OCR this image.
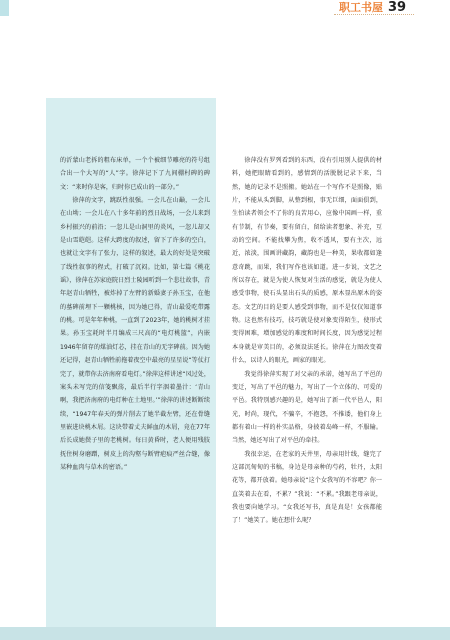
职工书屋 39

的沂蒙山老拆的粗布床单，一个个被细节雕亮的符号组合出一个大写的“人”字。徐萍记下了九间棚村碑的碑文：“来时你是客，归时你已成山的一部分。”

徐萍的文字，跳跃性很强。一会儿在山巅，一会儿在山坳；一会儿在八十多年前的烈日战场，一会儿来到乡村振兴的前沿；一忽儿是山洞里的炎风，一忽儿却又是山雪皑皑。这样大跨度的叙述，留下了许多的空白，也就让文字有了张力，这样的叙述，最大的好处是突破了线性叙事的程式，打破了沉闷。比如，第七篇《桃花谣》，徐萍在苏家庭院日烈士陵园听到一个悲壮故事，青年赵青山牺牲，被炸掉了左臂的新婚妻子孙玉宝，在他的墓碑前埋下一颗桃核，因为她已得，青山最爱吃带露的桃。可是年年种桃，一直到了2023年，她的桃树才挂果。孙玉宝耗时半月编成三尺高的“电灯桃篮”，内嵌1946年留存的煤油灯芯，挂在青山的无字碑前。因为她还记得，赵青山牺牲前拖着夜空中最亮的星星说“等仗打完了，就带你去济南府看电灯。”徐萍这样讲述“风过处，案头未写完的信笺飘荡，最后半行字洇着墨汁：‘青山啊，我把济南府的电灯种在土地里。’”徐萍的讲述断断续续，“1947年春天的弹片削去了她半截左臂，还在骨缝里嵌进块桃木屑。这块带着丈夫鲜血的木屑，竟在77年后长成她鬓子里的老桃树。每日黄昏时，老人便用残肢抚住树身磨蹭，树皮上的沟壑与断臂疤痕严丝合缝，像某种血肉与草木的密语。”

徐萍没有罗列看到的东西，没有引用别人提供的材料，她把眼睛看到的，感情到的活脱脱记录下来，当然，她的记录不是照搬。她站在一个写作不是照像，贴片，不能从头到脚，从整到根，事无巨细，面面俱到，生怕读者领会不了你的良苦用心，应像中国画一样，重有节制，有节奏，要有留白，留给读者想象、补充，互动的空间。不能找攀为焦，收不透风，要有主次，远近，浓淡，围画讲藏韵，藏韵也是一种美，果收都如逢意奇跳，而果，我们写作也该如道。进一步说，文艺之所以存在，就是为使人恢复对生活的感觉，就是为使人感受事物，使石头显出石头的质感，原木显出原木的姿态。文艺的目的是要人感受到事物，而不是仅仅知道事物。这也然有技巧，技巧就是使对象变得陌生，使形式变得困难，增加感觉的难度和时间长度，因为感觉过程本身就是审美目的，必须设法延长。徐萍在力图改变着什么，以诗人的眼光，画家的眼光。

我觉得徐萍实现了对父亲的承诺，她写出了平邑的变迁，写出了平邑的魅力，写出了一个立体的、可爱的平邑。我特别感兴趣的是，她写出了新一代平邑人，阳光，时尚，现代，不骗辛，不抱怨，不推诿，他们身上都有着山一样的朴实品格，身披着岛峰一样，不服输。当然，她还写出了对平邑的牵挂。

我很幸运，在老家的天井里，母亲用针线，缝完了这部沉甸甸的书稿，身边是母亲种的芍药，牡丹，太阳花等，都开放着。她母亲说“这个女我写的不容吧？你一直笑着去在看，不累？”我说：“不累。”我跟老母亲说，我也要向她学习。“女我还写书，真是真是！女孩都能了！”她笑了。她在想什么呢？
